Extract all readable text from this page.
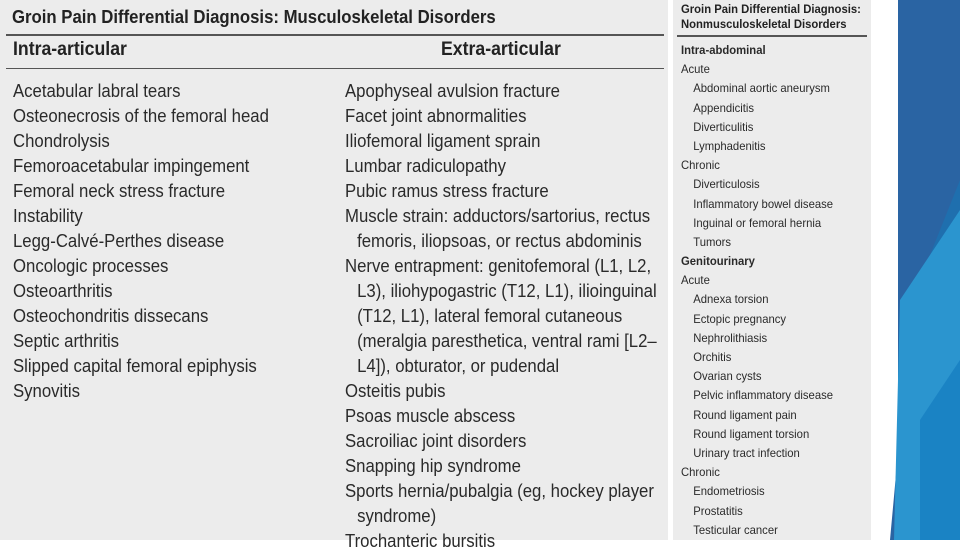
Groin Pain Differential Diagnosis: Musculoskeletal Disorders
Intra-articular	Extra-articular
Acetabular labral tears
Osteonecrosis of the femoral head
Chondrolysis
Femoroacetabular impingement
Femoral neck stress fracture
Instability
Legg-Calvé-Perthes disease
Oncologic processes
Osteoarthritis
Osteochondritis dissecans
Septic arthritis
Slipped capital femoral epiphysis
Synovitis
Apophyseal avulsion fracture
Facet joint abnormalities
Iliofemoral ligament sprain
Lumbar radiculopathy
Pubic ramus stress fracture
Muscle strain: adductors/sartorius, rectus
femoris, iliopsoas, or rectus abdominis
Nerve entrapment: genitofemoral (L1, L2,
L3), iliohypogastric (T12, L1), ilioinguinal
(T12, L1), lateral femoral cutaneous
(meralgia paresthetica, ventral rami [L2–
L4]), obturator, or pudendal
Osteitis pubis
Psoas muscle abscess
Sacroiliac joint disorders
Snapping hip syndrome
Sports hernia/pubalgia (eg, hockey player
syndrome)
Trochanteric bursitis
Groin Pain Differential Diagnosis:
Nonmusculoskeletal Disorders
Intra-abdominal
Acute
Abdominal aortic aneurysm
Appendicitis
Diverticulitis
Lymphadenitis
Chronic
Diverticulosis
Inflammatory bowel disease
Inguinal or femoral hernia
Tumors
Genitourinary
Acute
Adnexa torsion
Ectopic pregnancy
Nephrolithiasis
Orchitis
Ovarian cysts
Pelvic inflammatory disease
Round ligament pain
Round ligament torsion
Urinary tract infection
Chronic
Endometriosis
Prostatitis
Testicular cancer
